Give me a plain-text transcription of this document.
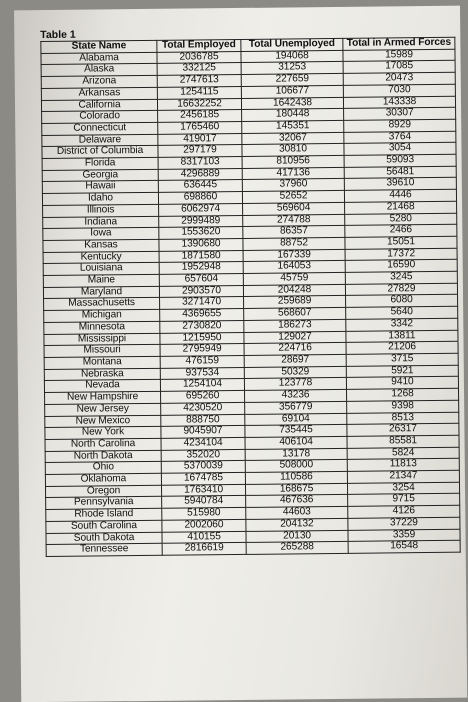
Table 1
State Name	Total Employed	Total Unemployed	Total in Armed Forces
Alabama	2036785	194068	15989
Alaska	332125	31253	17085
Arizona	2747613	227659	20473
Arkansas	1254115	106677	7030
California	16632252	1642438	143338
Colorado	2456185	180448	30307
Connecticut	1765460	145351	8929
Delaware	419017	32067	3764
District of Columbia	297179	30810	3054
Florida	8317103	810956	59093
Georgia	4296889	417136	56481
Hawaii	636445	37960	39610
Idaho	698860	52652	4446
Illinois	6062974	569604	21468
Indiana	2999489	274788	5280
Iowa	1553620	86357	2466
Kansas	1390680	88752	15051
Kentucky	1871580	167339	17372
Louisiana	1952948	164053	16590
Maine	657604	45759	3245
Maryland	2903570	204248	27829
Massachusetts	3271470	259689	6080
Michigan	4369655	568607	5640
Minnesota	2730820	186273	3342
Mississippi	1215950	129027	13811
Missouri	2795949	224716	21206
Montana	476159	28697	3715
Nebraska	937534	50329	5921
Nevada	1254104	123778	9410
New Hampshire	695260	43236	1268
New Jersey	4230520	356779	9398
New Mexico	888750	69104	8513
New York	9045907	735445	26317
North Carolina	4234104	406104	85581
North Dakota	352020	13178	5824
Ohio	5370039	508000	11813
Oklahoma	1674785	110586	21347
Oregon	1763410	168675	3254
Pennsylvania	5940784	467636	9715
Rhode Island	515980	44603	4126
South Carolina	2002060	204132	37229
South Dakota	410155	20130	3359
Tennessee	2816619	265288	16548
